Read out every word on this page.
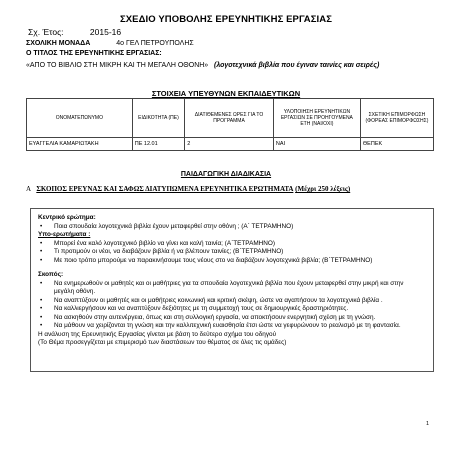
ΣΧΕΔΙΟ ΥΠΟΒΟΛΗΣ ΕΡΕΥΝΗΤΙΚΗΣ ΕΡΓΑΣΙΑΣ
Σχ. Έτος:	2015-16
ΣΧΟΛΙΚΗ ΜΟΝΑΔΑ	4ο ΓΕΛ ΠΕΤΡΟΥΠΟΛΗΣ
Ο ΤΙΤΛΟΣ ΤΗΣ ΕΡΕΥΝΗΤΙΚΗΣ ΕΡΓΑΣΙΑΣ:
«ΑΠΟ ΤΟ ΒΙΒΛΙΟ ΣΤΗ ΜΙΚΡΗ ΚΑΙ ΤΗ ΜΕΓΑΛΗ ΟΘΟΝΗ» (λογοτεχνικά βιβλία που έγιναν ταινίες και σειρές)
ΣΤΟΙΧΕΙΑ ΥΠΕΥΘΥΝΩΝ ΕΚΠΑΙΔΕΥΤΙΚΩΝ
ΟΝΟΜΑΤΕΠΩΝΥΜΟ	ΕΙΔΙΚΟΤΗΤΑ (ΠΕ)	ΔΙΑΤΙΘΕΜΕΝΕΣ ΩΡΕΣ ΓΙΑ ΤΟ ΠΡΟΓΡΑΜΜΑ	ΥΛΟΠΟΙΗΣΗ ΕΡΕΥΝΗΤΙΚΩΝ ΕΡΓΑΣΙΩΝ ΣΕ ΠΡΟΗΓΟΥΜΕΝΑ ΕΤΗ (ΝΑΙ/ΟΧΙ)	ΣΧΕΤΙΚΗ ΕΠΙΜΟΡΦΩΣΗ (ΦΟΡΕΑΣ ΕΠΙΜΟΡΦΩΣΗΣ)
ΕΥΑΓΓΕΛΙΑ ΚΑΜΑΡΙΩΤΑΚΗ	ΠΕ 12.01	2	ΝΑΙ	ΘΕΠΕΚ
ΠΑΙΔΑΓΩΓΙΚΗ ΔΙΑΔΙΚΑΣΙΑ
Α ΣΚΟΠΟΣ ΕΡΕΥΝΑΣ ΚΑΙ ΣΑΦΩΣ ΔΙΑΤΥΠΩΜΕΝΑ ΕΡΕΥΝΗΤΙΚΑ ΕΡΩΤΗΜΑΤΑ (Μέχρι 250 λέξεις)
Κεντρικό ερώτημα:
• Ποια σπουδαία λογοτεχνικά βιβλία έχουν μεταφερθεί στην οθόνη ; (Α΄ ΤΕΤΡΑΜΗΝΟ)
Υπο-ερωτήματα :
• Μπορεί ένα καλό λογοτεχνικό βιβλίο να γίνει και καλή ταινία; (Α΄ΤΕΤΡΑΜΗΝΟ)
• Τι προτιμούν οι νέοι, να διαβάζουν βιβλία ή να βλέπουν ταινίες; (Β΄ΤΕΤΡΑΜΗΝΟ)
• Με ποιο τρόπο μπορούμε να παρακινήσουμε τους νέους στο να διαβάζουν λογοτεχνικά βιβλία; (Β΄ΤΕΤΡΑΜΗΝΟ)
Σκοπός:
• Να ενημερωθούν οι μαθητές και οι μαθήτριες για τα σπουδαία λογοτεχνικά βιβλία που έχουν μεταφερθεί στην μικρή και στην μεγάλη οθόνη.
• Να αναπτύξουν οι μαθητές και οι μαθήτριες κοινωνική και κριτική σκέψη, ώστε να αγαπήσουν τα λογοτεχνικά βιβλία .
• Να καλλιεργήσουν και να αναπτύξουν δεξιότητες με τη συμμετοχή τους σε δημιουργικές δραστηριότητες.
• Να ασκηθούν στην αυτενέργεια, όπως και στη συλλογική εργασία, να αποκτήσουν ενεργητική σχέση με τη γνώση.
• Να μάθουν να χειρίζονται τη γνώση και την καλλιτεχνική ευαισθησία έτσι ώστε να γεφυρώνουν το ρεαλισμό με τη φαντασία.
Η ανάλυση της Ερευνητικής Εργασίας γίνεται με βάση το δεύτερο σχήμα του οδηγού
(Το Θέμα προσεγγίζεται με επιμερισμό των διαστάσεων του θέματος σε όλες τις ομάδες)
1
